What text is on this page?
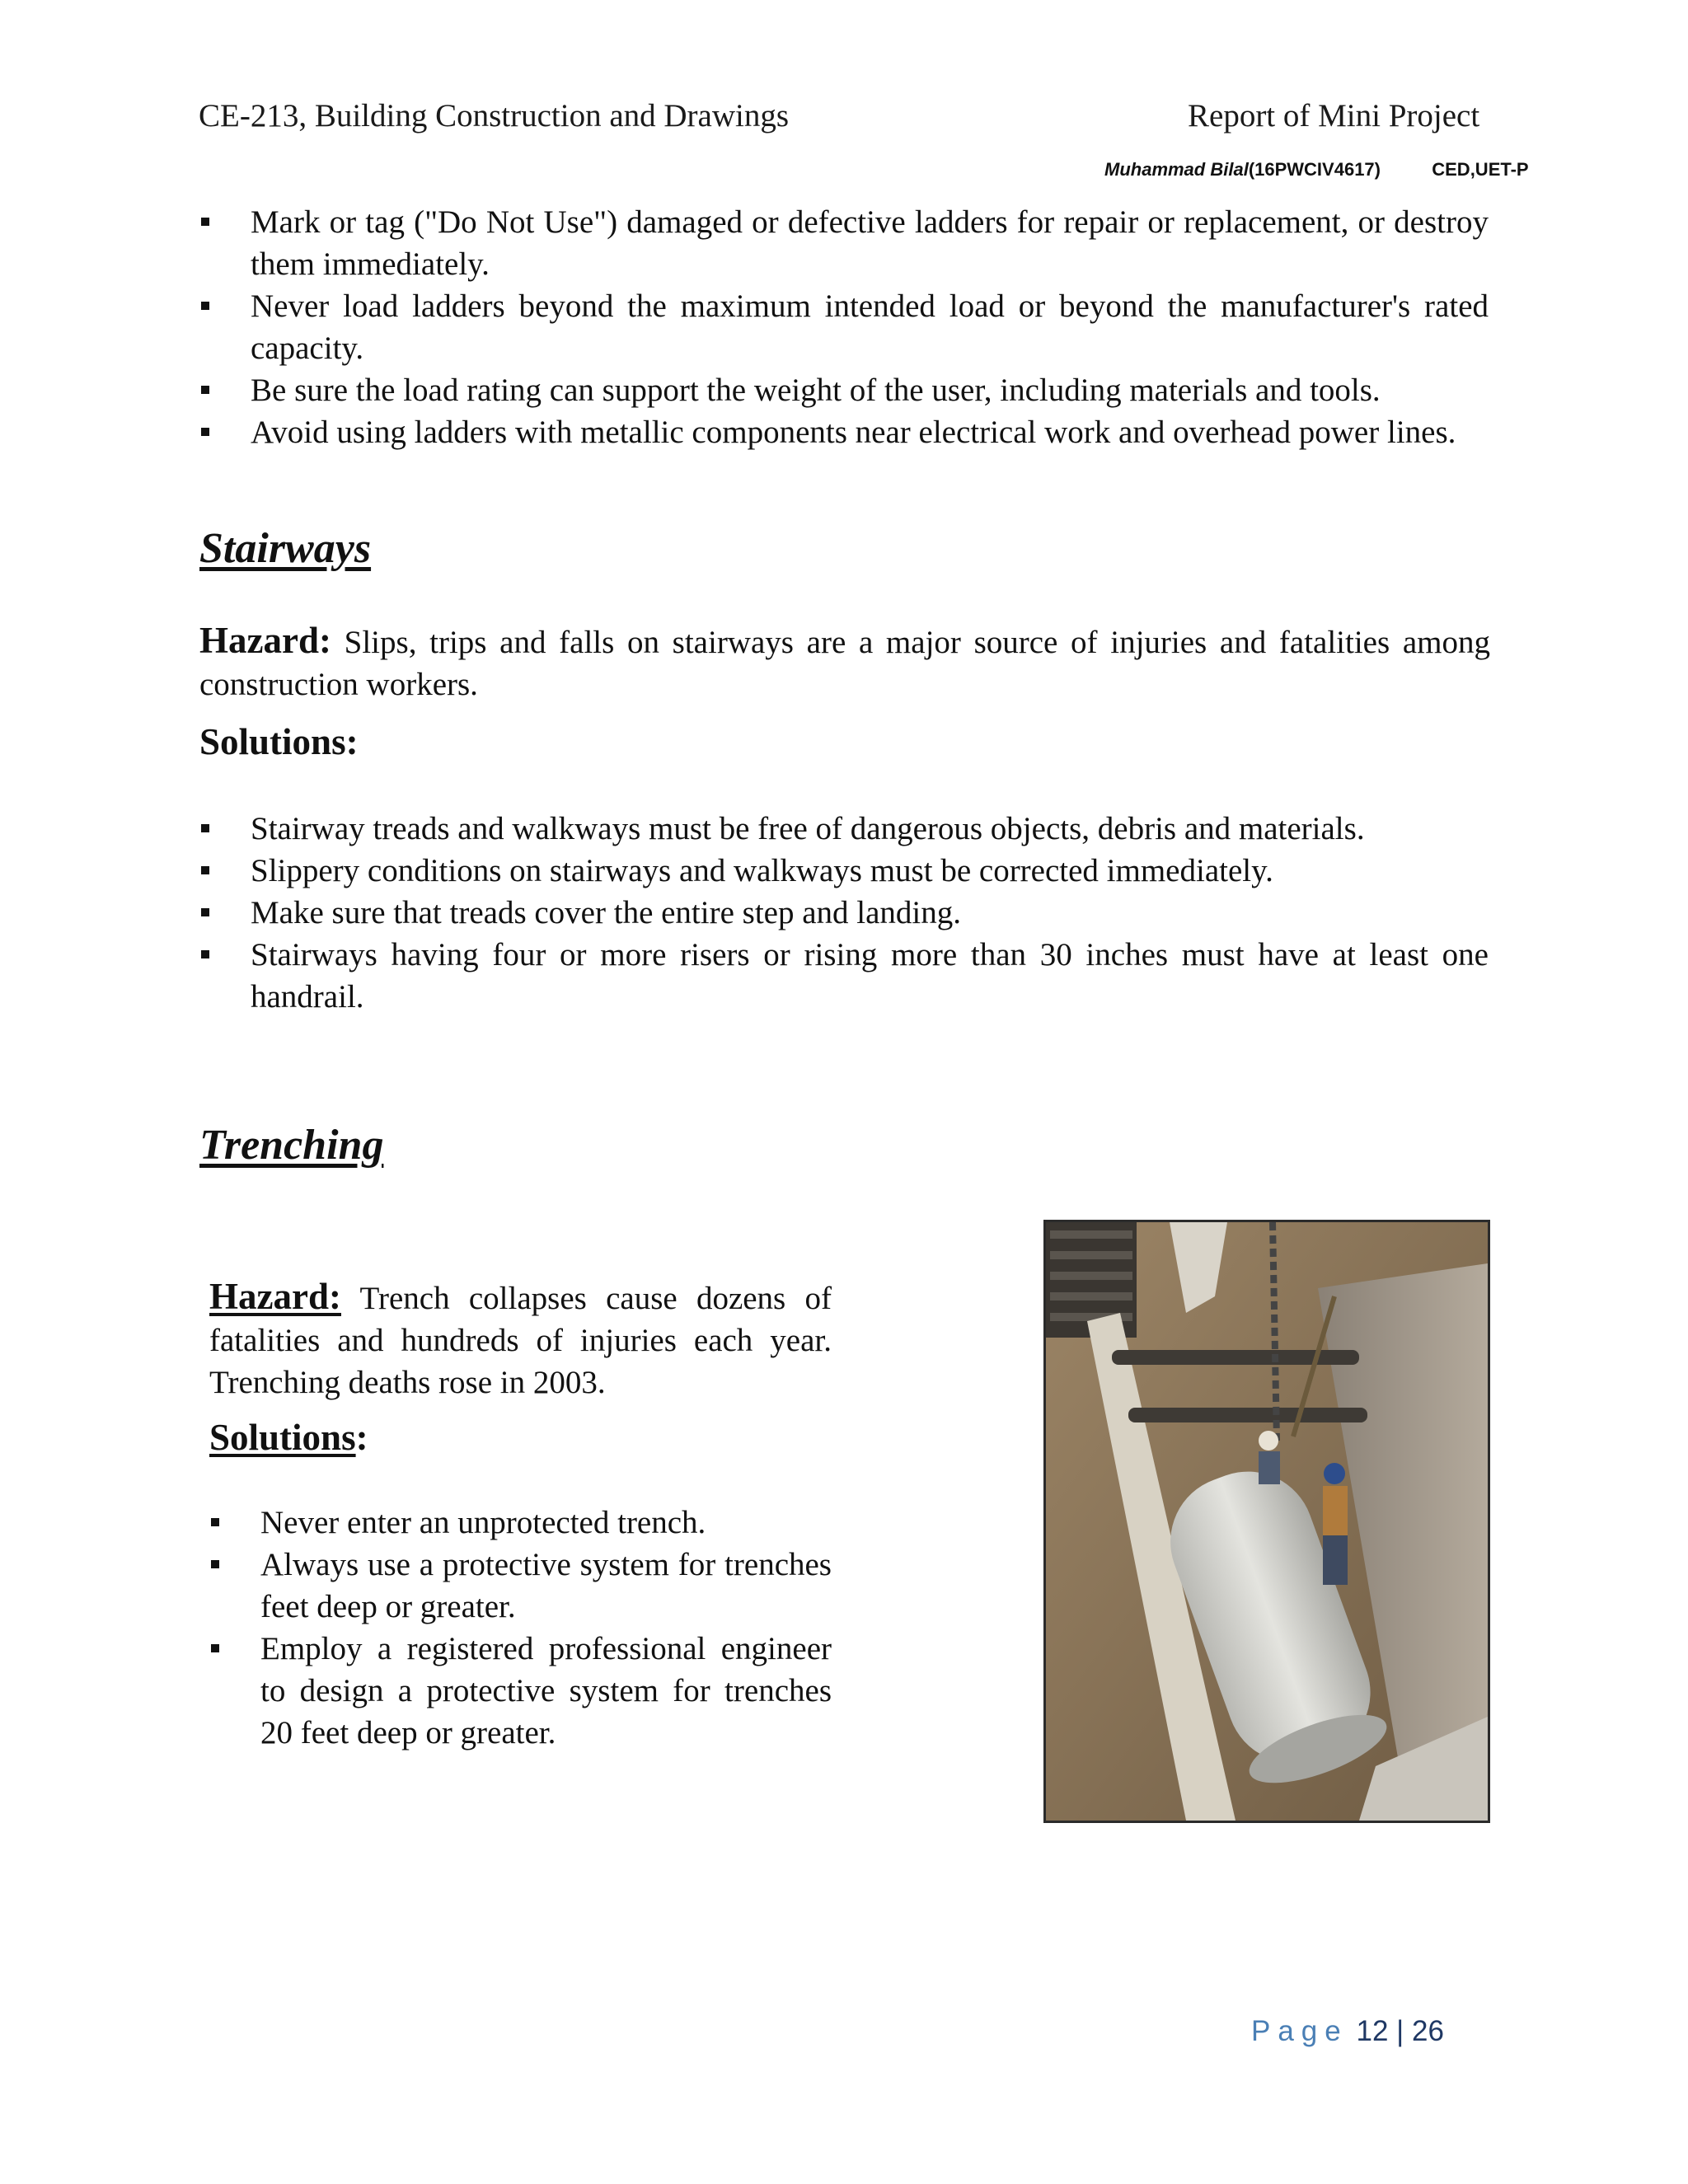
CE-213, Building Construction and Drawings	Report of Mini Project
Muhammad Bilal(16PWCIV4617)	CED,UET-P
Mark or tag ("Do Not Use") damaged or defective ladders for repair or replacement, or destroy them immediately.
Never load ladders beyond the maximum intended load or beyond the manufacturer's rated capacity.
Be sure the load rating can support the weight of the user, including materials and tools.
Avoid using ladders with metallic components near electrical work and overhead power lines.
Stairways
Hazard: Slips, trips and falls on stairways are a major source of injuries and fatalities among construction workers.
Solutions:
Stairway treads and walkways must be free of dangerous objects, debris and materials.
Slippery conditions on stairways and walkways must be corrected immediately.
Make sure that treads cover the entire step and landing.
Stairways having four or more risers or rising more than 30 inches must have at least one handrail.
Trenching
Hazard: Trench collapses cause dozens of fatalities and hundreds of injuries each year. Trenching deaths rose in 2003.
Solutions:
Never enter an unprotected trench.
Always use a protective system for trenches feet deep or greater.
Employ a registered professional engineer to design a protective system for trenches 20 feet deep or greater.
Page 12 | 26
